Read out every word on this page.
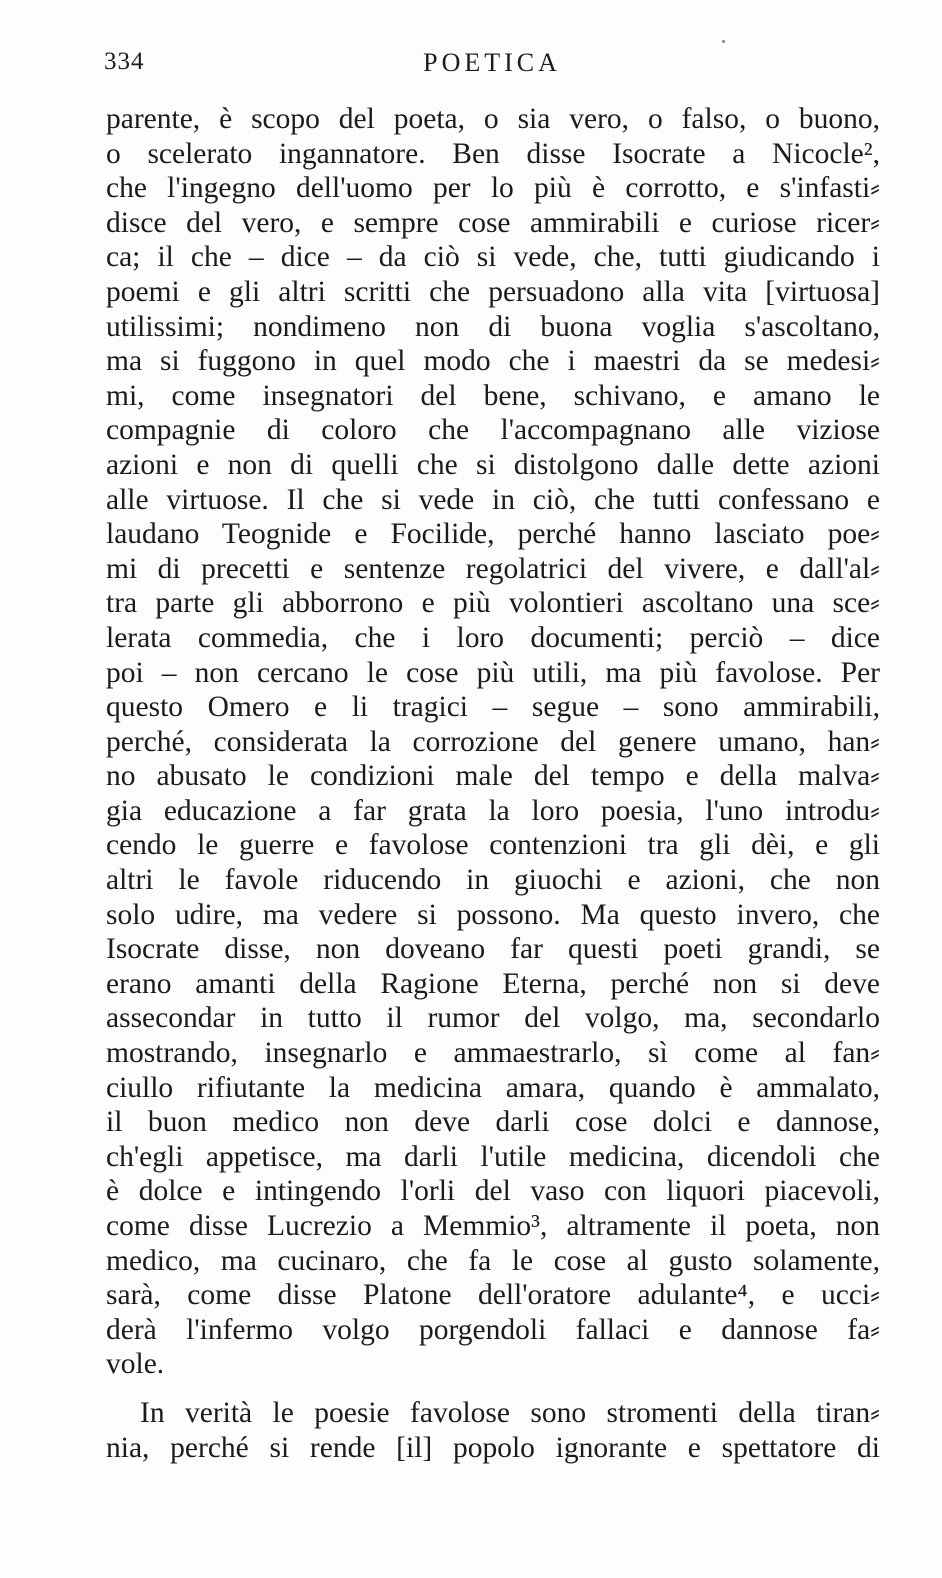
334	POETICA
parente, è scopo del poeta, o sia vero, o falso, o buono,
o scelerato ingannatore. Ben disse Isocrate a Nicocle²,
che l'ingegno dell'uomo per lo più è corrotto, e s'infasti⸗
disce del vero, e sempre cose ammirabili e curiose ricer⸗
ca; il che – dice – da ciò si vede, che, tutti giudicando i
poemi e gli altri scritti che persuadono alla vita [virtuosa]
utilissimi; nondimeno non di buona voglia s'ascoltano,
ma si fuggono in quel modo che i maestri da se medesi⸗
mi, come insegnatori del bene, schivano, e amano le
compagnie di coloro che l'accompagnano alle viziose
azioni e non di quelli che si distolgono dalle dette azioni
alle virtuose. Il che si vede in ciò, che tutti confessano e
laudano Teognide e Focilide, perché hanno lasciato poe⸗
mi di precetti e sentenze regolatrici del vivere, e dall'al⸗
tra parte gli abborrono e più volontieri ascoltano una sce⸗
lerata commedia, che i loro documenti; perciò – dice
poi – non cercano le cose più utili, ma più favolose. Per
questo Omero e li tragici – segue – sono ammirabili,
perché, considerata la corrozione del genere umano, han⸗
no abusato le condizioni male del tempo e della malva⸗
gia educazione a far grata la loro poesia, l'uno introdu⸗
cendo le guerre e favolose contenzioni tra gli dèi, e gli
altri le favole riducendo in giuochi e azioni, che non
solo udire, ma vedere si possono. Ma questo invero, che
Isocrate disse, non doveano far questi poeti grandi, se
erano amanti della Ragione Eterna, perché non si deve
assecondar in tutto il rumor del volgo, ma, secondarlo
mostrando, insegnarlo e ammaestrarlo, sì come al fan⸗
ciullo rifiutante la medicina amara, quando è ammalato,
il buon medico non deve darli cose dolci e dannose,
ch'egli appetisce, ma darli l'utile medicina, dicendoli che
è dolce e intingendo l'orli del vaso con liquori piacevoli,
come disse Lucrezio a Memmio³, altramente il poeta, non
medico, ma cucinaro, che fa le cose al gusto solamente,
sarà, come disse Platone dell'oratore adulante⁴, e ucci⸗
derà l'infermo volgo porgendoli fallaci e dannose fa⸗
vole.
In verità le poesie favolose sono stromenti della tiran⸗
nia, perché si rende [il] popolo ignorante e spettatore di
